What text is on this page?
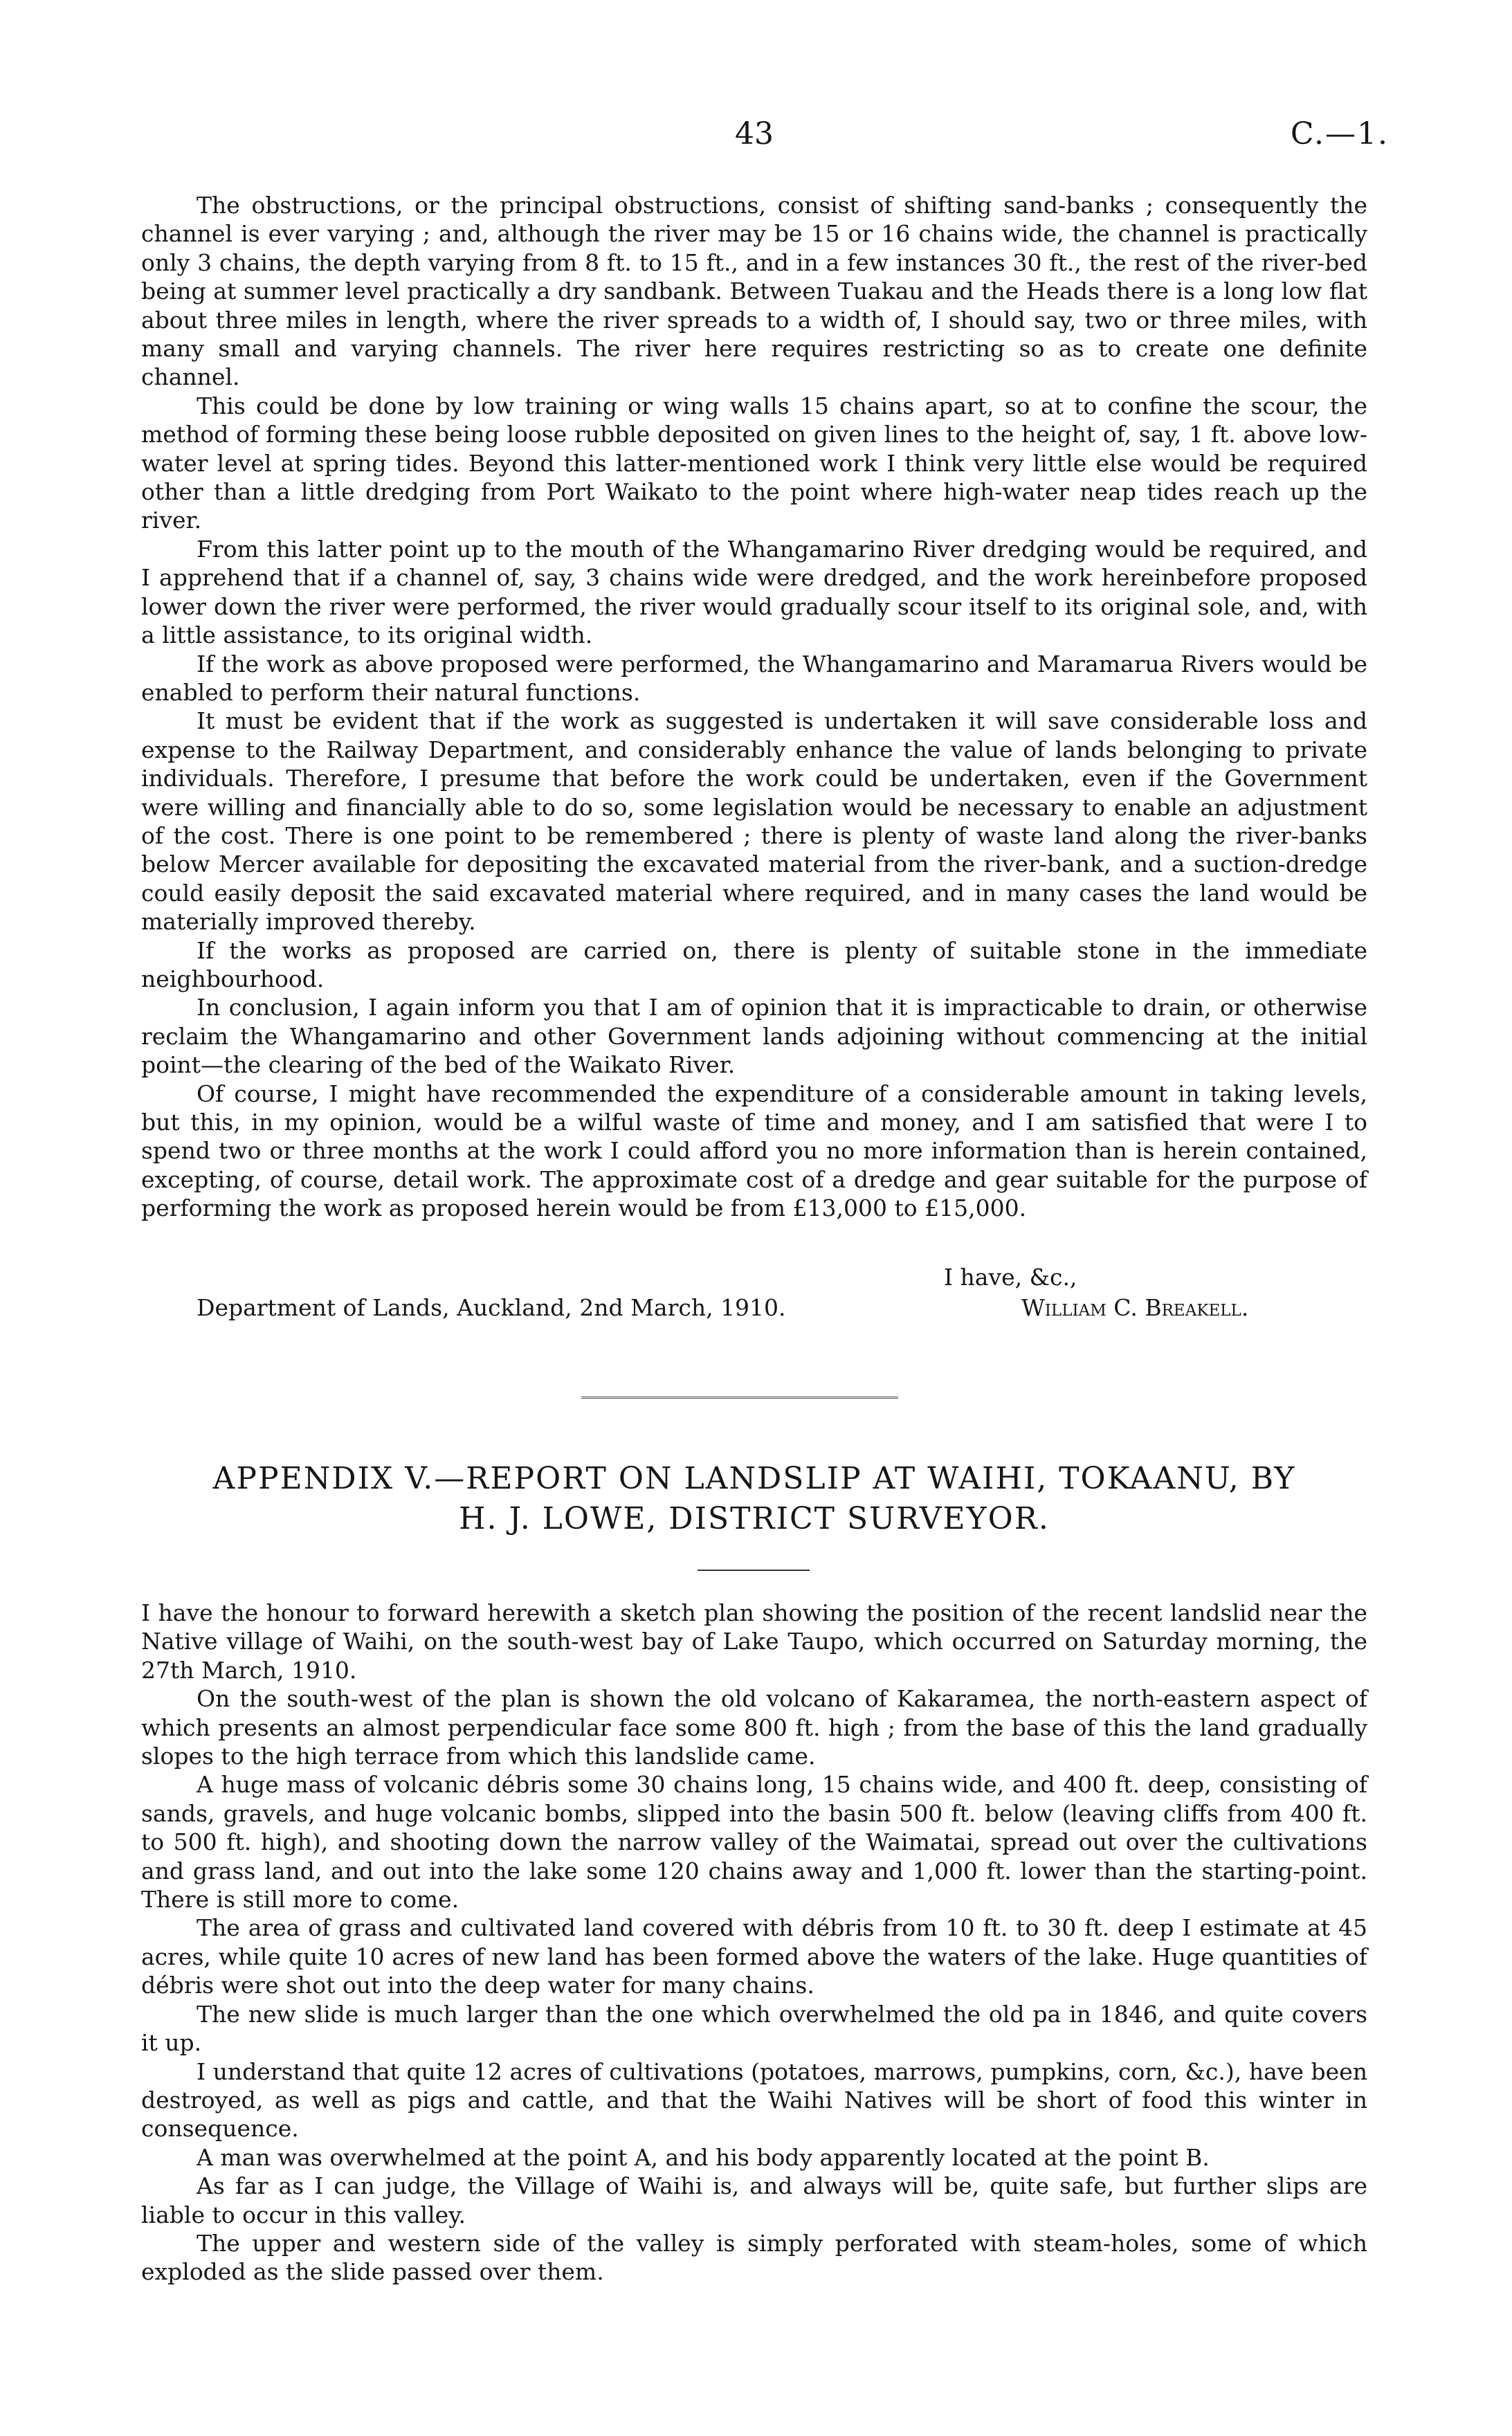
43	C.—1.

The obstructions, or the principal obstructions, consist of shifting sand-banks ; consequently the channel is ever varying ; and, although the river may be 15 or 16 chains wide, the channel is practically only 3 chains, the depth varying from 8 ft. to 15 ft., and in a few instances 30 ft., the rest of the river-bed being at summer level practically a dry sandbank. Between Tuakau and the Heads there is a long low flat about three miles in length, where the river spreads to a width of, I should say, two or three miles, with many small and varying channels. The river here requires restricting so as to create one definite channel.

This could be done by low training or wing walls 15 chains apart, so at to confine the scour, the method of forming these being loose rubble deposited on given lines to the height of, say, 1 ft. above low-water level at spring tides. Beyond this latter-mentioned work I think very little else would be required other than a little dredging from Port Waikato to the point where high-water neap tides reach up the river.

From this latter point up to the mouth of the Whangamarino River dredging would be required, and I apprehend that if a channel of, say, 3 chains wide were dredged, and the work hereinbefore proposed lower down the river were performed, the river would gradually scour itself to its original sole, and, with a little assistance, to its original width.

If the work as above proposed were performed, the Whangamarino and Maramarua Rivers would be enabled to perform their natural functions.

It must be evident that if the work as suggested is undertaken it will save considerable loss and expense to the Railway Department, and considerably enhance the value of lands belonging to private individuals. Therefore, I presume that before the work could be undertaken, even if the Government were willing and financially able to do so, some legislation would be necessary to enable an adjustment of the cost. There is one point to be remembered ; there is plenty of waste land along the river-banks below Mercer available for depositing the excavated material from the river-bank, and a suction-dredge could easily deposit the said excavated material where required, and in many cases the land would be materially improved thereby.

If the works as proposed are carried on, there is plenty of suitable stone in the immediate neighbourhood.

In conclusion, I again inform you that I am of opinion that it is impracticable to drain, or otherwise reclaim the Whangamarino and other Government lands adjoining without commencing at the initial point—the clearing of the bed of the Waikato River.

Of course, I might have recommended the expenditure of a considerable amount in taking levels, but this, in my opinion, would be a wilful waste of time and money, and I am satisfied that were I to spend two or three months at the work I could afford you no more information than is herein contained, excepting, of course, detail work. The approximate cost of a dredge and gear suitable for the purpose of performing the work as proposed herein would be from £13,000 to £15,000.

I have, &c.,
Department of Lands, Auckland, 2nd March, 1910.	William C. Breakell.
APPENDIX V.—REPORT ON LANDSLIP AT WAIHI, TOKAANU, BY
H. J. LOWE, DISTRICT SURVEYOR.

I have the honour to forward herewith a sketch plan showing the position of the recent landslid near the Native village of Waihi, on the south-west bay of Lake Taupo, which occurred on Saturday morning, the 27th March, 1910.

On the south-west of the plan is shown the old volcano of Kakaramea, the north-eastern aspect of which presents an almost perpendicular face some 800 ft. high ; from the base of this the land gradually slopes to the high terrace from which this landslide came.

A huge mass of volcanic débris some 30 chains long, 15 chains wide, and 400 ft. deep, consisting of sands, gravels, and huge volcanic bombs, slipped into the basin 500 ft. below (leaving cliffs from 400 ft. to 500 ft. high), and shooting down the narrow valley of the Waimatai, spread out over the cultivations and grass land, and out into the lake some 120 chains away and 1,000 ft. lower than the starting-point. There is still more to come.

The area of grass and cultivated land covered with débris from 10 ft. to 30 ft. deep I estimate at 45 acres, while quite 10 acres of new land has been formed above the waters of the lake. Huge quantities of débris were shot out into the deep water for many chains.

The new slide is much larger than the one which overwhelmed the old pa in 1846, and quite covers it up.

I understand that quite 12 acres of cultivations (potatoes, marrows, pumpkins, corn, &c.), have been destroyed, as well as pigs and cattle, and that the Waihi Natives will be short of food this winter in consequence.

A man was overwhelmed at the point A, and his body apparently located at the point B.

As far as I can judge, the Village of Waihi is, and always will be, quite safe, but further slips are liable to occur in this valley.

The upper and western side of the valley is simply perforated with steam-holes, some of which exploded as the slide passed over them.
